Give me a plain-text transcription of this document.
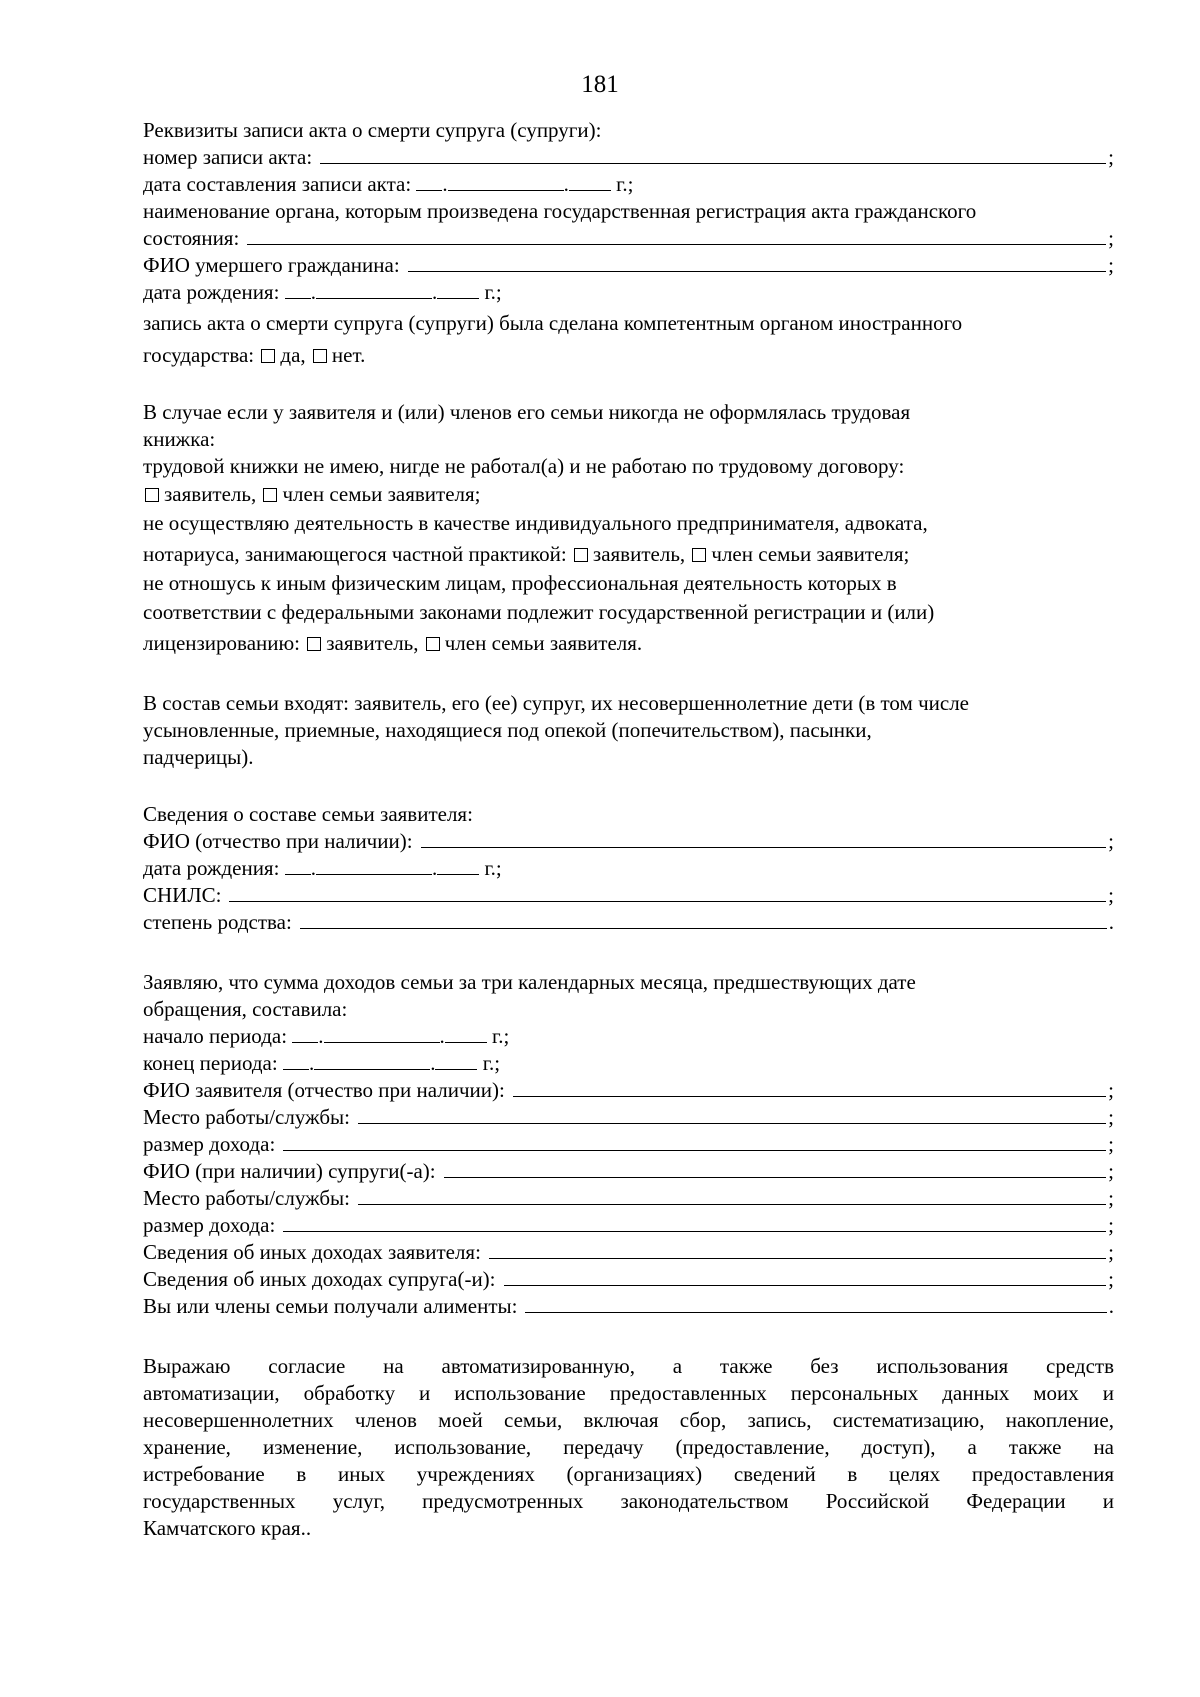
181
Реквизиты записи акта о смерти супруга (супруги):
номер записи акта:	;
дата составления записи акта: .	. г.;
наименование органа, которым произведена государственная регистрация акта гражданского
состояния:	;
ФИО умершего гражданина:	;
дата рождения: .	. г.;
запись акта о смерти супруга (супруги) была сделана компетентным органом иностранного
государства: да, нет.
В случае если у заявителя и (или) членов его семьи никогда не оформлялась трудовая
книжка:
трудовой книжки не имею, нигде не работал(а) и не работаю по трудовому договору:
заявитель, член семьи заявителя;
не осуществляю деятельность в качестве индивидуального предпринимателя, адвоката,
нотариуса, занимающегося частной практикой: заявитель, член семьи заявителя;
не отношусь к иным физическим лицам, профессиональная деятельность которых в
соответствии с федеральными законами подлежит государственной регистрации и (или)
лицензированию: заявитель, член семьи заявителя.
В состав семьи входят: заявитель, его (ее) супруг, их несовершеннолетние дети (в том числе
усыновленные, приемные, находящиеся под опекой (попечительством), пасынки,
падчерицы).
Сведения о составе семьи заявителя:
ФИО (отчество при наличии):	;
дата рождения: .	. г.;
СНИЛС:	;
степень родства:	.
Заявляю, что сумма доходов семьи за три календарных месяца, предшествующих дате
обращения, составила:
начало периода: .	. г.;
конец периода: .	. г.;
ФИО заявителя (отчество при наличии):	;
Место работы/службы:	;
размер дохода:	;
ФИО (при наличии) супруги(-а):	;
Место работы/службы:	;
размер дохода:	;
Сведения об иных доходах заявителя:	;
Сведения об иных доходах супруга(-и):	;
Вы или члены семьи получали алименты:	.
Выражаю согласие на автоматизированную, а также без использования средств
автоматизации, обработку и использование предоставленных персональных данных моих и
несовершеннолетних членов моей семьи, включая сбор, запись, систематизацию, накопление,
хранение, изменение, использование, передачу (предоставление, доступ), а также на
истребование в иных учреждениях (организациях) сведений в целях предоставления
государственных услуг, предусмотренных законодательством Российской Федерации и
Камчатского края..
